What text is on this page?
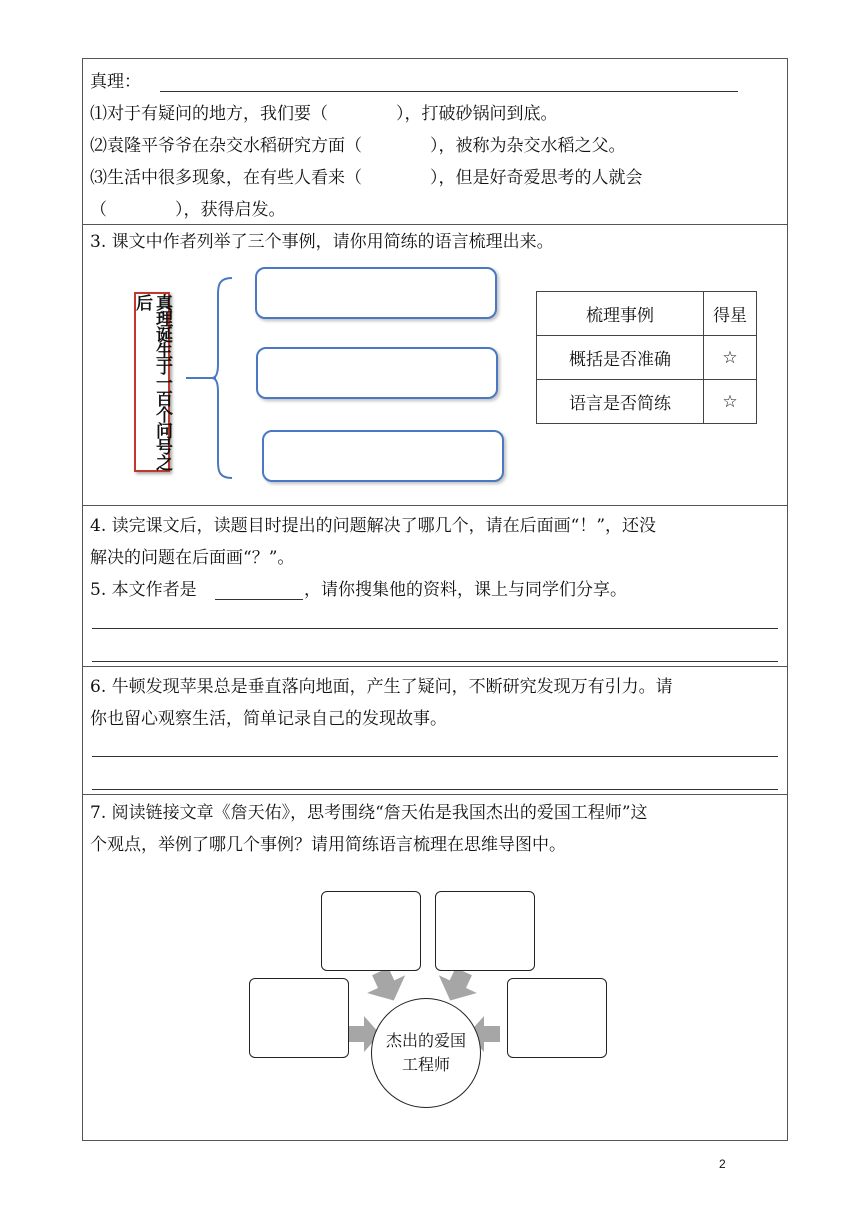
真理：
⑴对于有疑问的地方，我们要（　　　　），打破砂锅问到底。
⑵袁隆平爷爷在杂交水稻研究方面（　　　　），被称为杂交水稻之父。
⑶生活中很多现象，在有些人看来（　　　　），但是好奇爱思考的人就会
（　　　　），获得启发。
3. 课文中作者列举了三个事例，请你用简练的语言梳理出来。
真理诞生于一百个问号之后
梳理事例	得星
概括是否准确	☆
语言是否简练	☆
4. 读完课文后，读题目时提出的问题解决了哪几个，请在后面画“！”，还没
解决的问题在后面画“？”。
5. 本文作者是	，请你搜集他的资料，课上与同学们分享。
6. 牛顿发现苹果总是垂直落向地面，产生了疑问，不断研究发现万有引力。请
你也留心观察生活，简单记录自己的发现故事。
7. 阅读链接文章《詹天佑》，思考围绕“詹天佑是我国杰出的爱国工程师”这
个观点，举例了哪几个事例？请用简练语言梳理在思维导图中。
杰出的爱国工程师
2
